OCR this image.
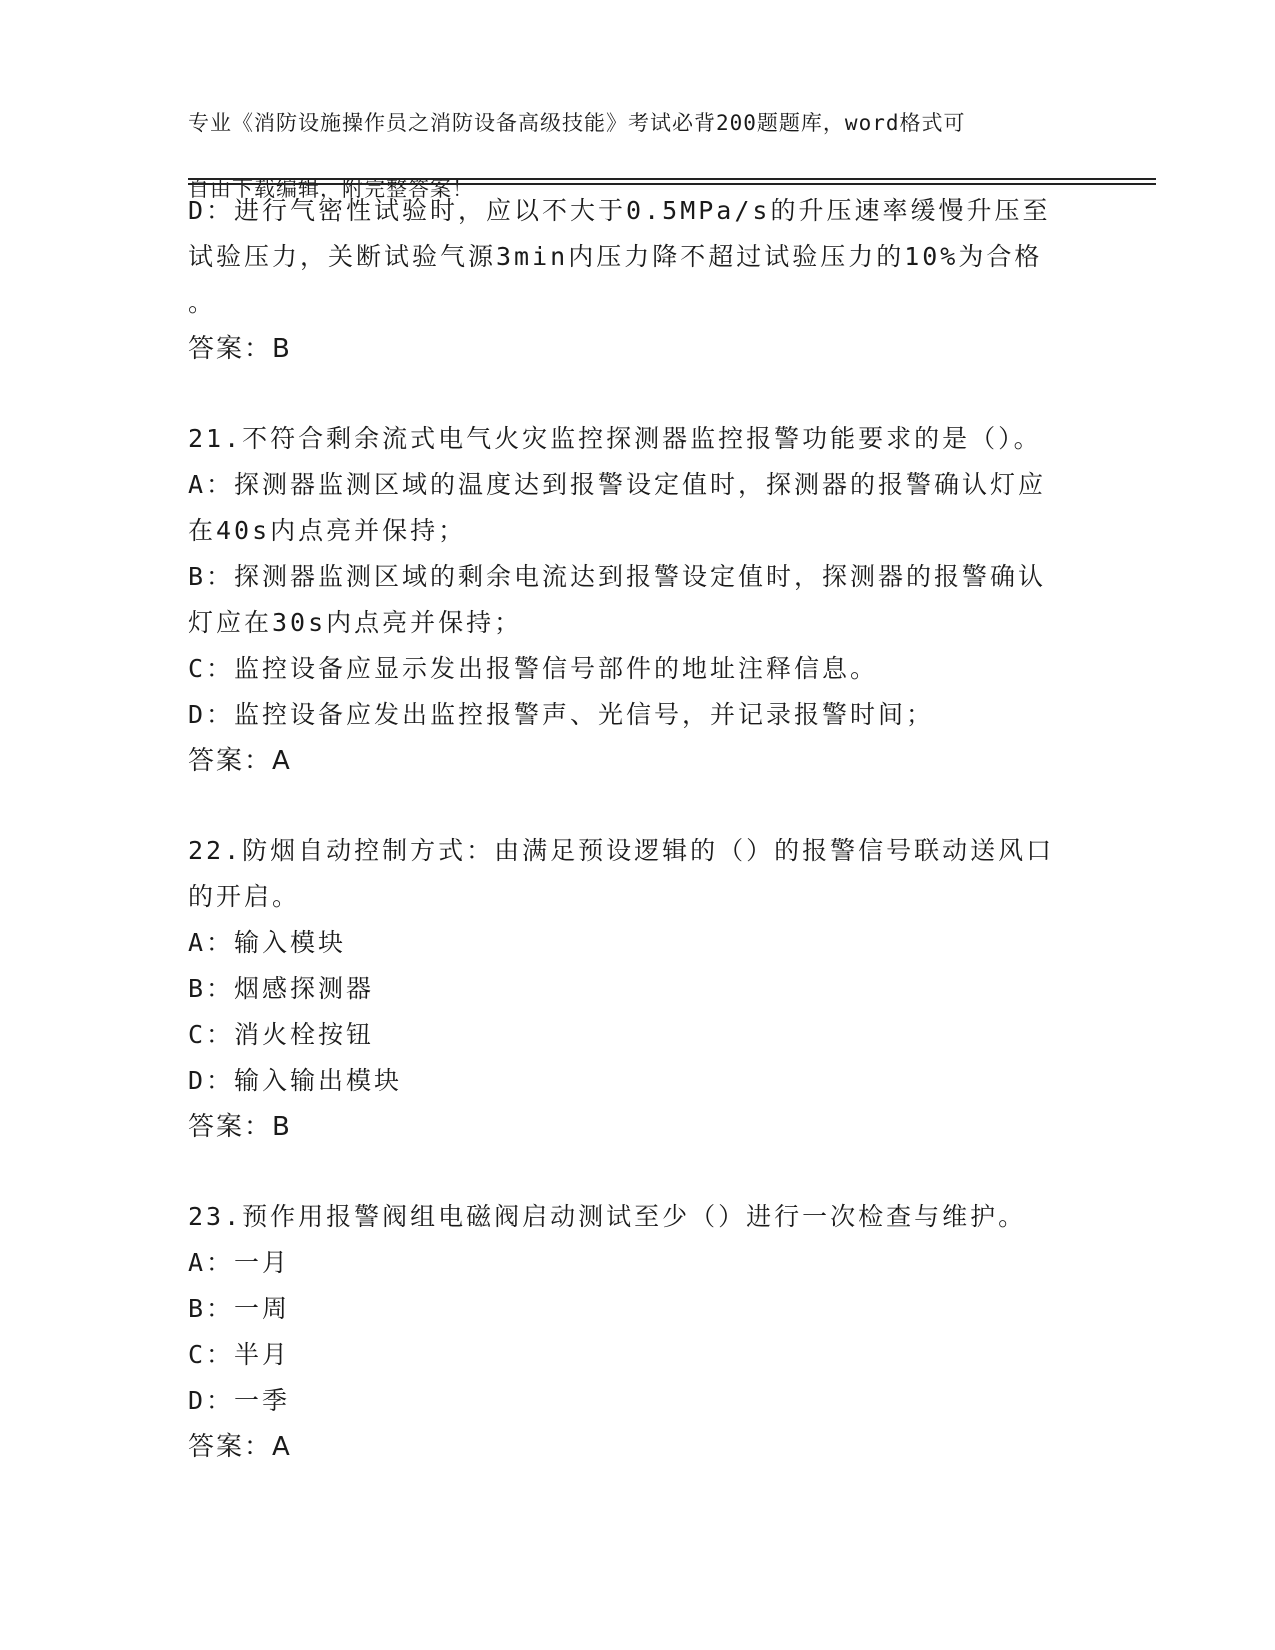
专业《消防设施操作员之消防设备高级技能》考试必背200题题库，word格式可

自由下载编辑，附完整答案！

D：进行气密性试验时，应以不大于0.5MPa/s的升压速率缓慢升压至
试验压力，关断试验气源3min内压力降不超过试验压力的10%为合格
。
答案：B
21.不符合剩余流式电气火灾监控探测器监控报警功能要求的是（）。
A：探测器监测区域的温度达到报警设定值时，探测器的报警确认灯应
在40s内点亮并保持；
B：探测器监测区域的剩余电流达到报警设定值时，探测器的报警确认
灯应在30s内点亮并保持；
C：监控设备应显示发出报警信号部件的地址注释信息。
D：监控设备应发出监控报警声、光信号，并记录报警时间；
答案：A
22.防烟自动控制方式：由满足预设逻辑的（）的报警信号联动送风口
的开启。
A：输入模块
B：烟感探测器
C：消火栓按钮
D：输入输出模块
答案：B
23.预作用报警阀组电磁阀启动测试至少（）进行一次检查与维护。
A：一月
B：一周
C：半月
D：一季
答案：A
